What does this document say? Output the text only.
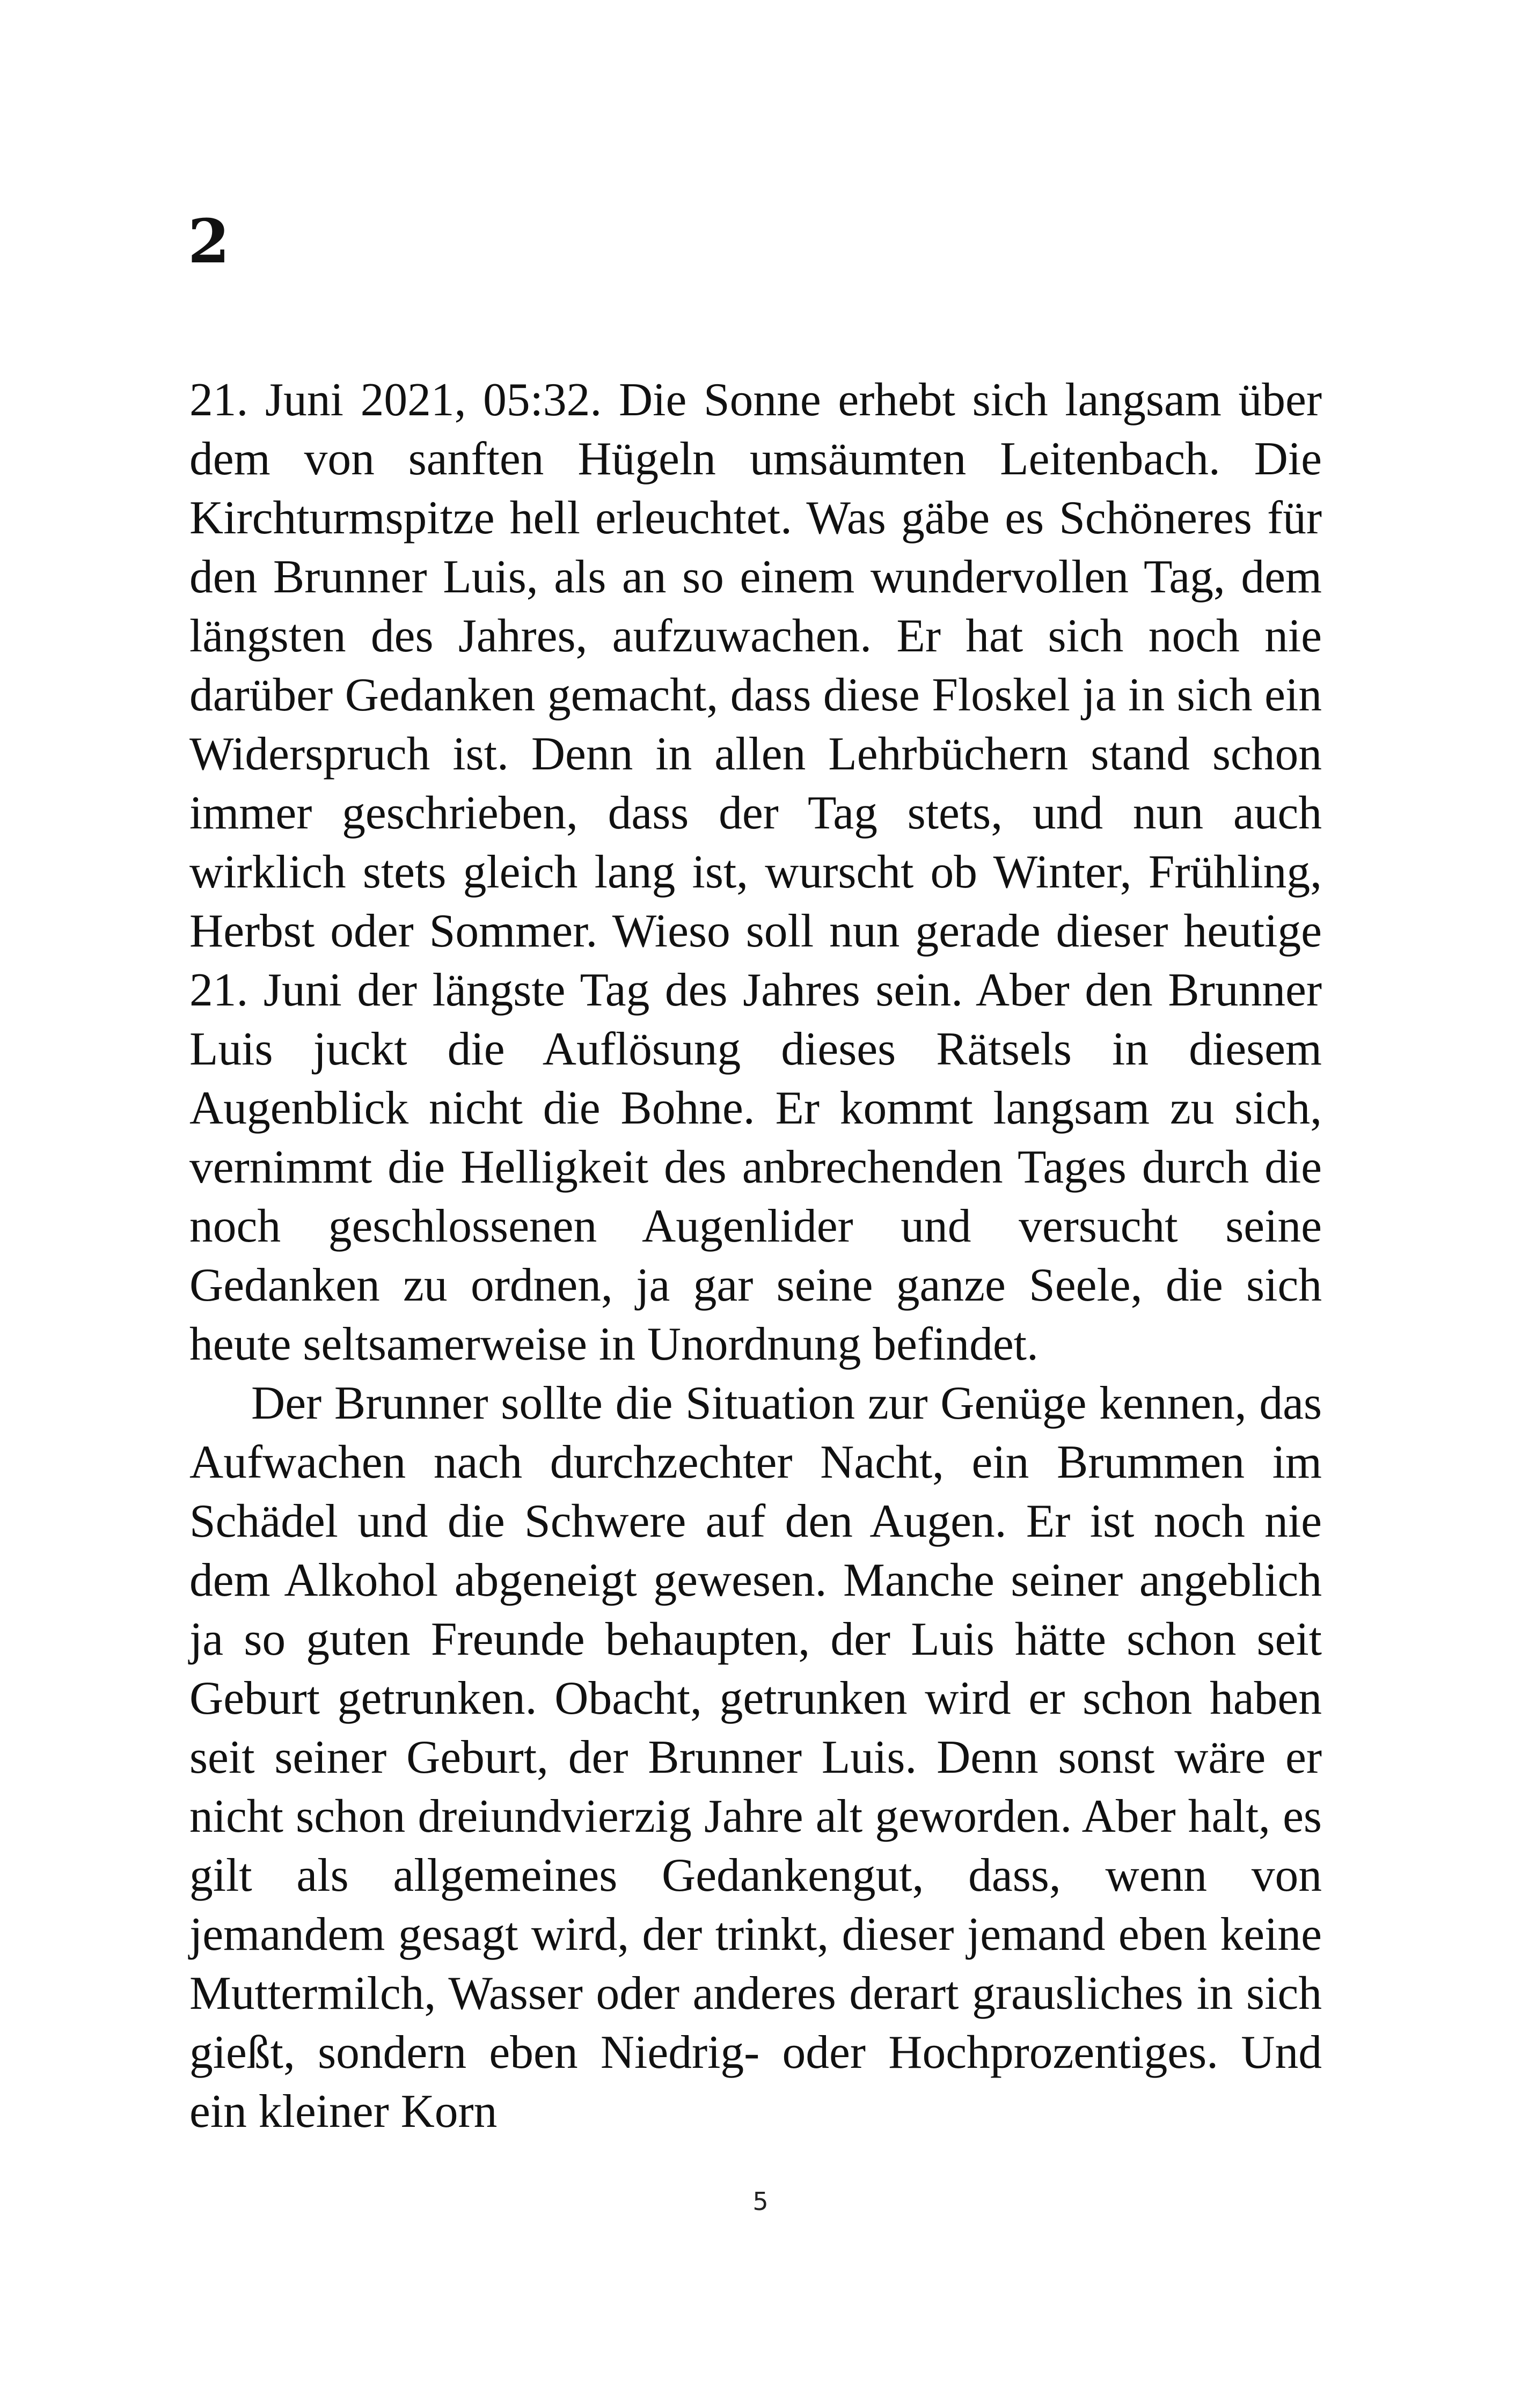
2

21. Juni 2021, 05:32. Die Sonne erhebt sich langsam über dem von sanften Hügeln umsäumten Leitenbach. Die Kirchturmspitze hell erleuchtet. Was gäbe es Schöneres für den Brunner Luis, als an so einem wundervollen Tag, dem längsten des Jahres, aufzuwachen. Er hat sich noch nie darüber Gedanken gemacht, dass diese Floskel ja in sich ein Widerspruch ist. Denn in allen Lehrbüchern stand schon immer geschrieben, dass der Tag stets, und nun auch wirklich stets gleich lang ist, wurscht ob Winter, Frühling, Herbst oder Sommer. Wieso soll nun gerade dieser heutige 21. Juni der längste Tag des Jahres sein. Aber den Brunner Luis juckt die Auflösung dieses Rätsels in diesem Augenblick nicht die Bohne. Er kommt langsam zu sich, vernimmt die Helligkeit des anbrechenden Tages durch die noch geschlossenen Augenlider und versucht seine Gedanken zu ordnen, ja gar seine ganze Seele, die sich heute seltsamerweise in Unordnung befindet.

Der Brunner sollte die Situation zur Genüge kennen, das Aufwachen nach durchzechter Nacht, ein Brummen im Schädel und die Schwere auf den Augen. Er ist noch nie dem Alkohol abgeneigt gewesen. Manche seiner angeblich ja so guten Freunde behaupten, der Luis hätte schon seit Geburt getrunken. Obacht, getrunken wird er schon haben seit seiner Geburt, der Brunner Luis. Denn sonst wäre er nicht schon dreiundvierzig Jahre alt geworden. Aber halt, es gilt als allgemeines Gedankengut, dass, wenn von jemandem gesagt wird, der trinkt, dieser jemand eben keine Muttermilch, Wasser oder anderes derart grausliches in sich gießt, sondern eben Niedrig- oder Hochprozentiges. Und ein kleiner Korn

5
